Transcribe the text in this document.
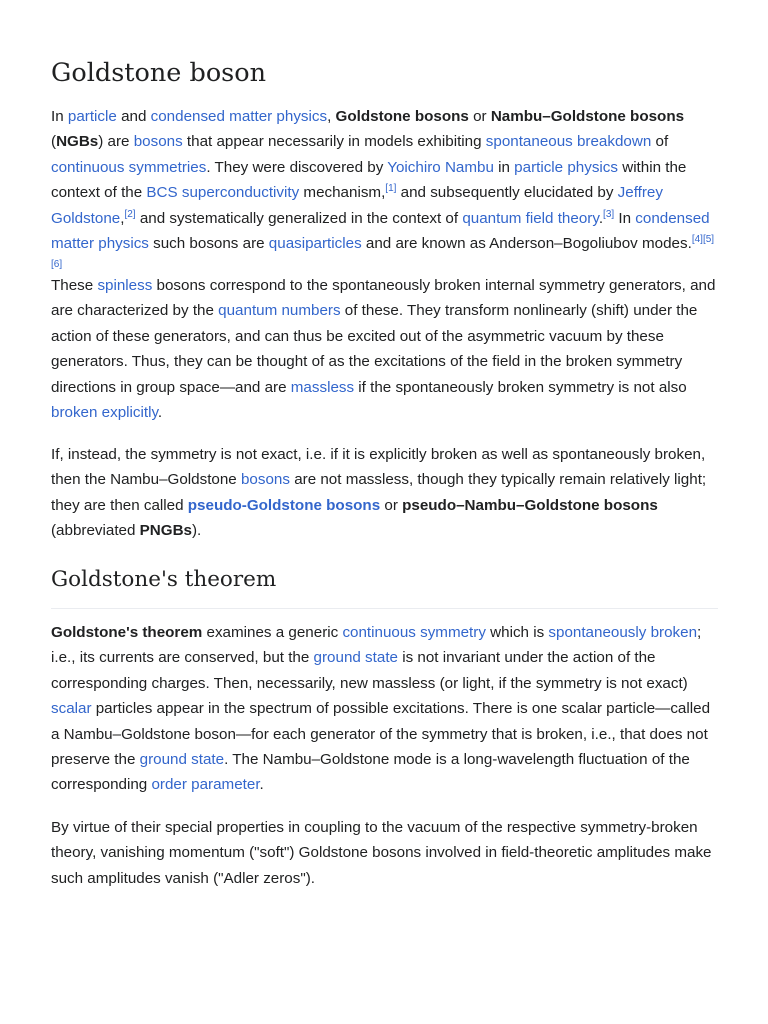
Goldstone boson

In particle and condensed matter physics, Goldstone bosons or Nambu–Goldstone bosons (NGBs) are bosons that appear necessarily in models exhibiting spontaneous breakdown of continuous symmetries. They were discovered by Yoichiro Nambu in particle physics within the context of the BCS superconductivity mechanism,[1] and subsequently elucidated by Jeffrey Goldstone,[2] and systematically generalized in the context of quantum field theory.[3] In condensed matter physics such bosons are quasiparticles and are known as Anderson–Bogoliubov modes.[4][5][6]

These spinless bosons correspond to the spontaneously broken internal symmetry generators, and are characterized by the quantum numbers of these. They transform nonlinearly (shift) under the action of these generators, and can thus be excited out of the asymmetric vacuum by these generators. Thus, they can be thought of as the excitations of the field in the broken symmetry directions in group space—and are massless if the spontaneously broken symmetry is not also broken explicitly.

If, instead, the symmetry is not exact, i.e. if it is explicitly broken as well as spontaneously broken, then the Nambu–Goldstone bosons are not massless, though they typically remain relatively light; they are then called pseudo-Goldstone bosons or pseudo–Nambu–Goldstone bosons (abbreviated PNGBs).

Goldstone's theorem

Goldstone's theorem examines a generic continuous symmetry which is spontaneously broken; i.e., its currents are conserved, but the ground state is not invariant under the action of the corresponding charges. Then, necessarily, new massless (or light, if the symmetry is not exact) scalar particles appear in the spectrum of possible excitations. There is one scalar particle—called a Nambu–Goldstone boson—for each generator of the symmetry that is broken, i.e., that does not preserve the ground state. The Nambu–Goldstone mode is a long-wavelength fluctuation of the corresponding order parameter.

By virtue of their special properties in coupling to the vacuum of the respective symmetry-broken theory, vanishing momentum ("soft") Goldstone bosons involved in field-theoretic amplitudes make such amplitudes vanish ("Adler zeros").
